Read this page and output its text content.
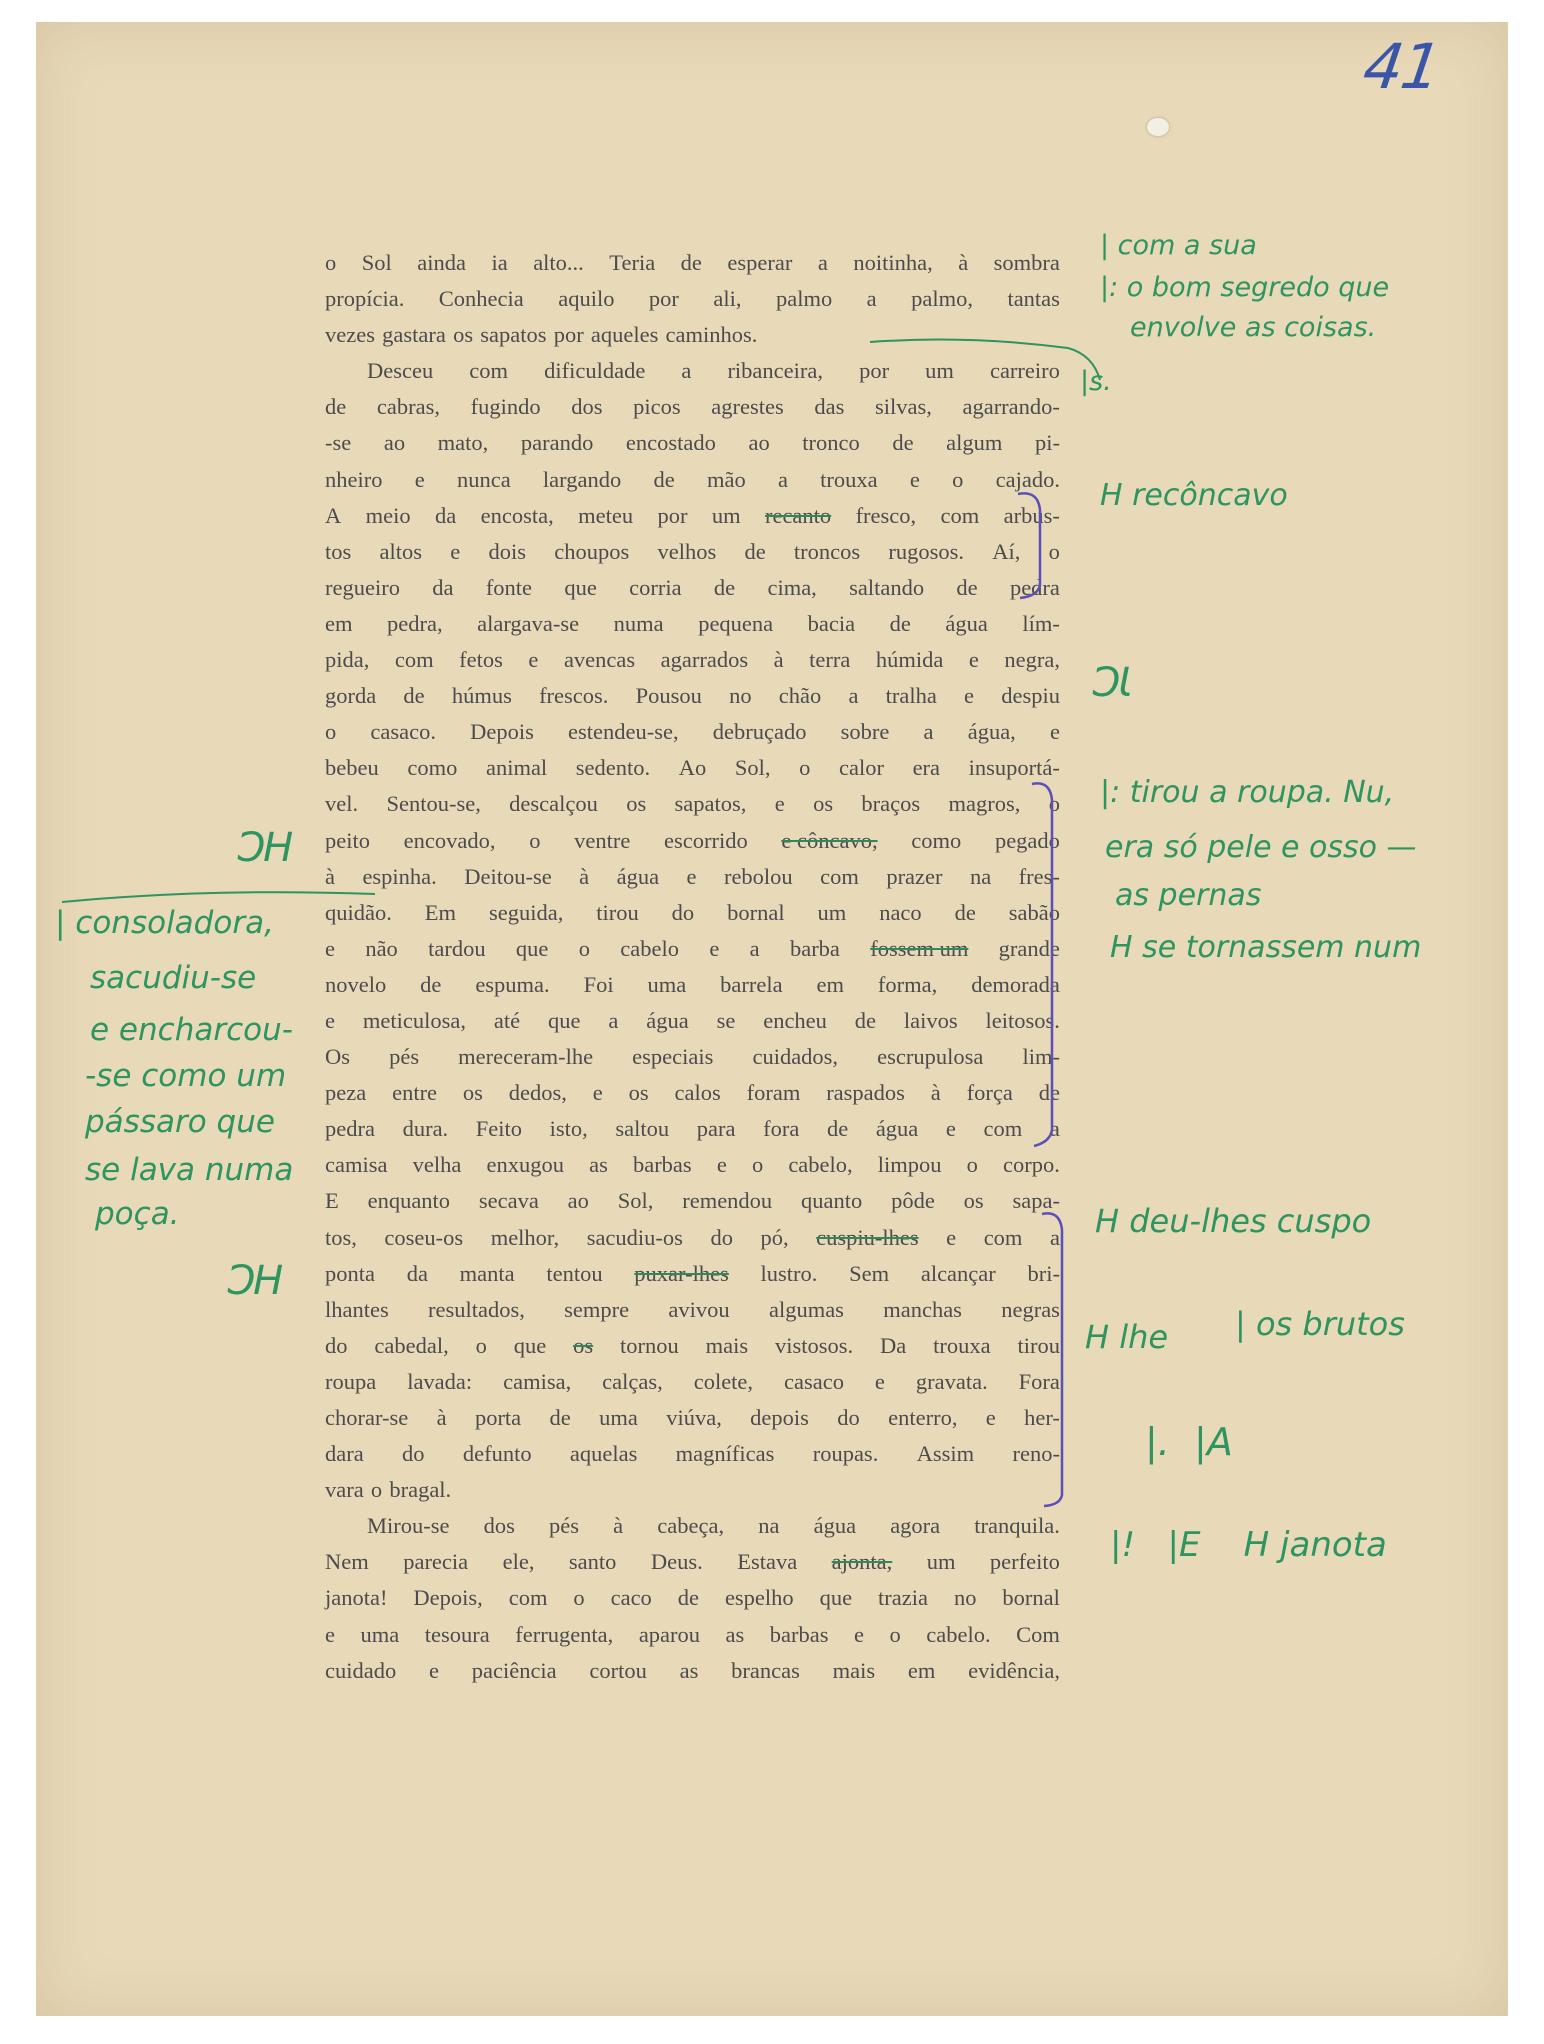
41
o Sol ainda ia alto... Teria de esperar a noitinha, à sombra
propícia. Conhecia aquilo por ali, palmo a palmo, tantas
vezes gastara os sapatos por aqueles caminhos.
Desceu com dificuldade a ribanceira, por um carreiro
de cabras, fugindo dos picos agrestes das silvas, agarrando-
-se ao mato, parando encostado ao tronco de algum pi-
nheiro e nunca largando de mão a trouxa e o cajado.
A meio da encosta, meteu por um recanto fresco, com arbus-
tos altos e dois choupos velhos de troncos rugosos. Aí, o
regueiro da fonte que corria de cima, saltando de pedra
em pedra, alargava-se numa pequena bacia de água lím-
pida, com fetos e avencas agarrados à terra húmida e negra,
gorda de húmus frescos. Pousou no chão a tralha e despiu
o casaco. Depois estendeu-se, debruçado sobre a água, e
bebeu como animal sedento. Ao Sol, o calor era insuportá-
vel. Sentou-se, descalçou os sapatos, e os braços magros, o
peito encovado, o ventre escorrido e côncavo, como pegado
à espinha. Deitou-se à água e rebolou com prazer na fres-
quidão. Em seguida, tirou do bornal um naco de sabão
e não tardou que o cabelo e a barba fossem um grande
novelo de espuma. Foi uma barrela em forma, demorada
e meticulosa, até que a água se encheu de laivos leitosos.
Os pés mereceram-lhe especiais cuidados, escrupulosa lim-
peza entre os dedos, e os calos foram raspados à força de
pedra dura. Feito isto, saltou para fora de água e com a
camisa velha enxugou as barbas e o cabelo, limpou o corpo.
E enquanto secava ao Sol, remendou quanto pôde os sapa-
tos, coseu-os melhor, sacudiu-os do pó, cuspiu-lhes e com a
ponta da manta tentou puxar-lhes lustro. Sem alcançar bri-
lhantes resultados, sempre avivou algumas manchas negras
do cabedal, o que os tornou mais vistosos. Da trouxa tirou
roupa lavada: camisa, calças, colete, casaco e gravata. Fora
chorar-se à porta de uma viúva, depois do enterro, e her-
dara do defunto aquelas magníficas roupas. Assim reno-
vara o bragal.
Mirou-se dos pés à cabeça, na água agora tranquila.
Nem parecia ele, santo Deus. Estava ajonta, um perfeito
janota! Depois, com o caco de espelho que trazia no bornal
e uma tesoura ferrugenta, aparou as barbas e o cabelo. Com
cuidado e paciência cortou as brancas mais em evidência,
| com a sua
|: o bom segredo que
envolve as coisas.
|s.
H recôncavo
ƆƖ
|: tirou a roupa. Nu,
era só pele e osso —
as pernas
H se tornassem num
H deu-lhes cuspo
H lhe | os brutos
|.  |A
|!   |E    H janota
ƆH
| consoladora,
sacudiu-se
e encharcou-
-se como um
pássaro que
se lava numa
poça.
ƆH
